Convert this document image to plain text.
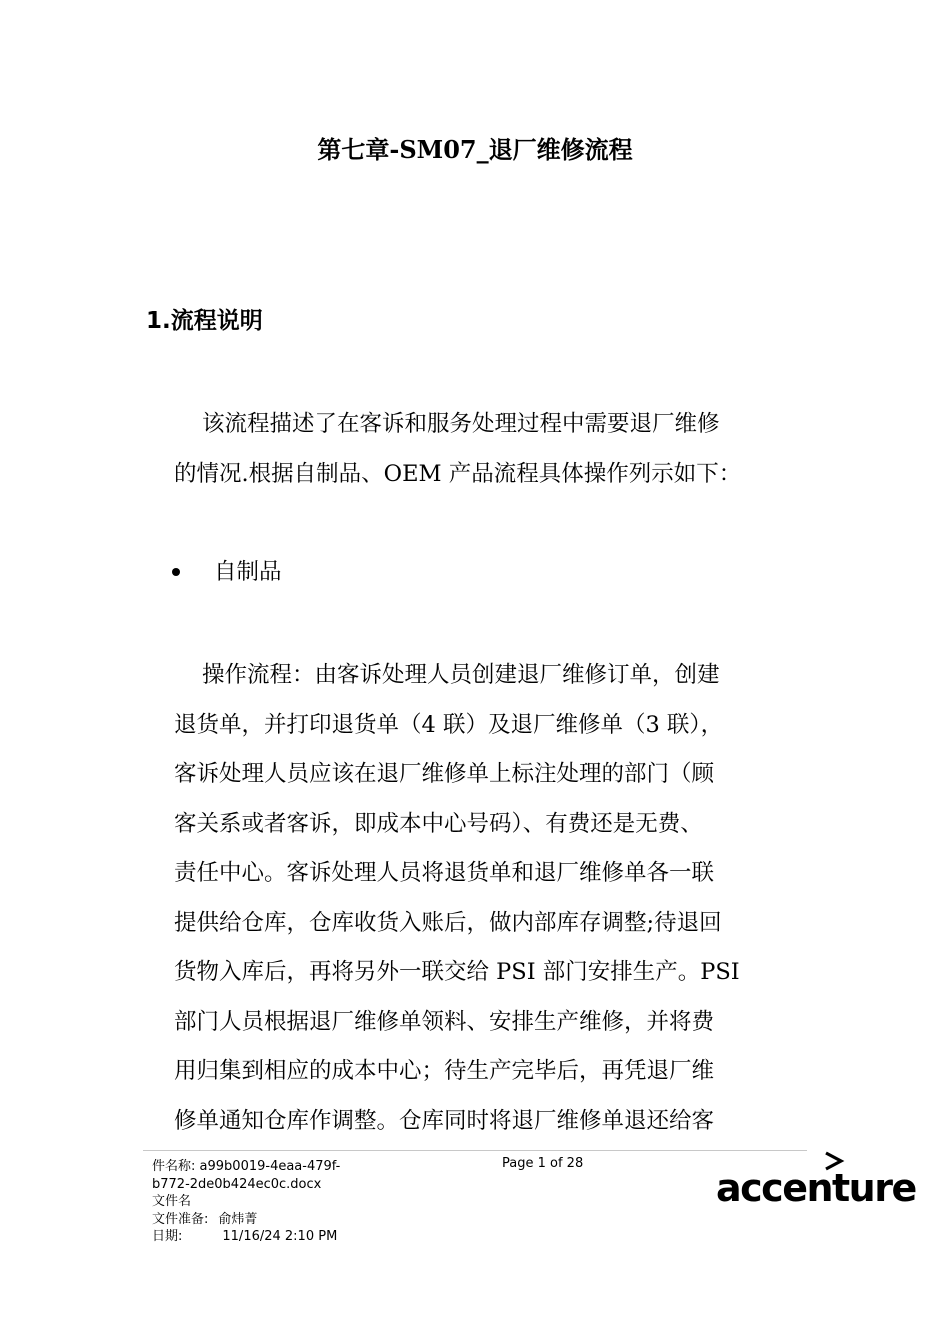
第七章-SM07_退厂维修流程
1.流程说明
该流程描述了在客诉和服务处理过程中需要退厂维修
的情况.根据自制品、OEM 产品流程具体操作列示如下：
自制品
操作流程：由客诉处理人员创建退厂维修订单，创建
退货单，并打印退货单（4 联）及退厂维修单（3 联），
客诉处理人员应该在退厂维修单上标注处理的部门（顾
客关系或者客诉，即成本中心号码）、有费还是无费、
责任中心。客诉处理人员将退货单和退厂维修单各一联
提供给仓库，仓库收货入账后，做内部库存调整;待退回
货物入库后，再将另外一联交给 PSI 部门安排生产。PSI
部门人员根据退厂维修单领料、安排生产维修，并将费
用归集到相应的成本中心；待生产完毕后，再凭退厂维
修单通知仓库作调整。仓库同时将退厂维修单退还给客
件名称: a99b0019-4eaa-479f-
b772-2de0b424ec0c.docx
文件名
文件准备: 俞炜菁
日期:	11/16/24 2:10 PM
Page 1 of 28
accenture
